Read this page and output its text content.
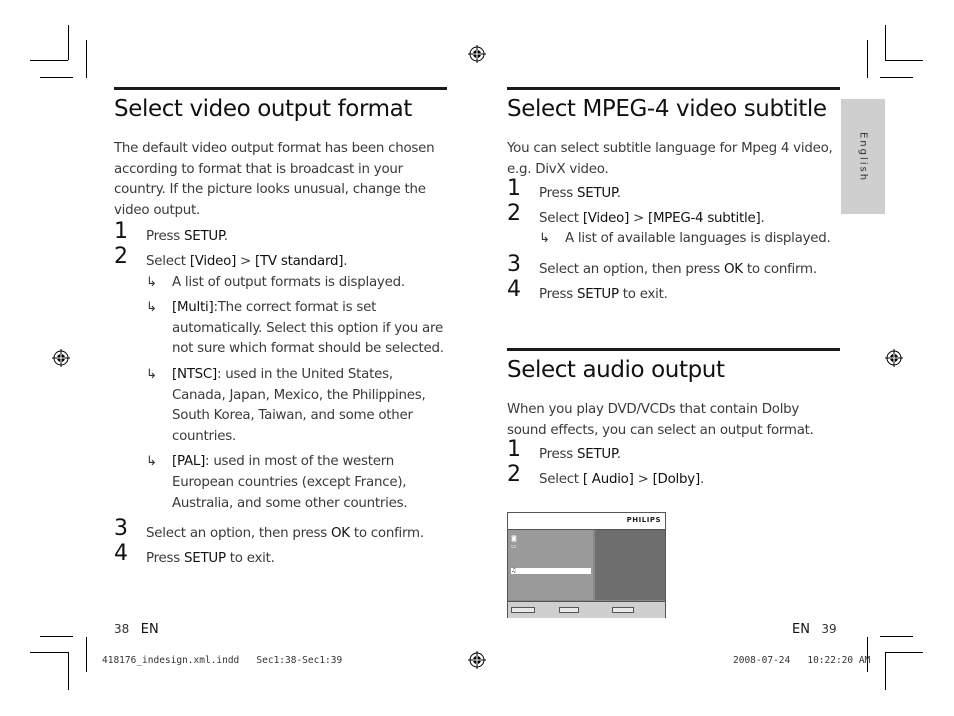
English
Select video output format

The default video output format has been chosen according to format that is broadcast in your country. If the picture looks unusual, change the video output.

1 Press SETUP.
2 Select [Video] > [TV standard].
↳ A list of output formats is displayed.
↳ [Multi]:The correct format is set automatically. Select this option if you are not sure which format should be selected.
↳ [NTSC]: used in the United States, Canada, Japan, Mexico, the Philippines, South Korea, Taiwan, and some other countries.
↳ [PAL]: used in most of the western European countries (except France), Australia, and some other countries.
3 Select an option, then press OK to confirm.
4 Press SETUP to exit.
Select MPEG-4 video subtitle

You can select subtitle language for Mpeg 4 video, e.g. DivX video.

1 Press SETUP.
2 Select [Video] > [MPEG-4 subtitle].
↳ A list of available languages is displayed.
3 Select an option, then press OK to confirm.
4 Press SETUP to exit.
Select audio output

When you play DVD/VCDs that contain Dolby sound effects, you can select an output format.

1 Press SETUP.
2 Select [ Audio] > [Dolby].
PHILIPS
◙
▭
♫
38 EN	EN 39
418176_indesign.xml.indd   Sec1:38-Sec1:39	2008-07-24   10:22:20 AM
